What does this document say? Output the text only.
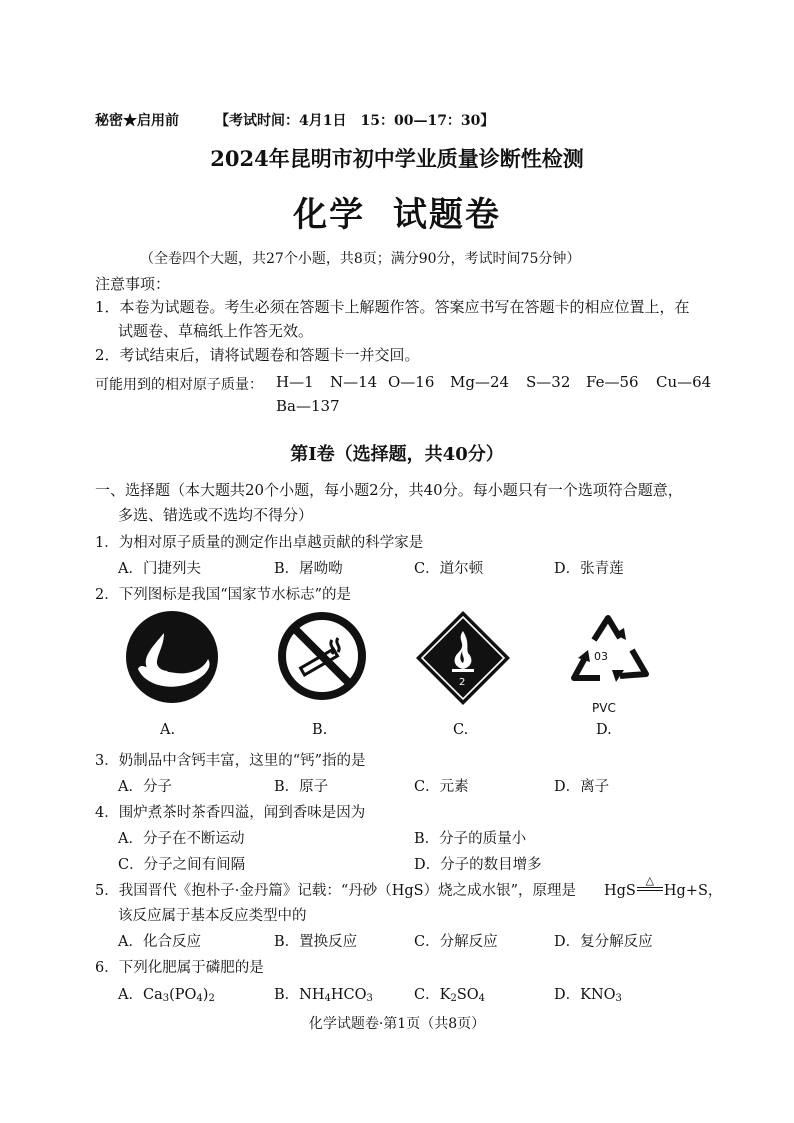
秘密★启用前	【考试时间：4月1日　15：00—17：30】
2024年昆明市初中学业质量诊断性检测
化学  试题卷
（全卷四个大题，共27个小题，共8页；满分90分，考试时间75分钟）
注意事项：
1．本卷为试题卷。考生必须在答题卡上解题作答。答案应书写在答题卡的相应位置上，在
试题卷、草稿纸上作答无效。
2．考试结束后，请将试题卷和答题卡一并交回。
可能用到的相对原子质量： H—1 N—14 O—16 Mg—24 S—32 Fe—56 Cu—64
Ba—137
第Ⅰ卷（选择题，共40分）
一、选择题（本大题共20个小题，每小题2分，共40分。每小题只有一个选项符合题意，
多选、错选或不选均不得分）
1．为相对原子质量的测定作出卓越贡献的科学家是
A．门捷列夫	B．屠呦呦	C．道尔顿	D．张青莲
2．下列图标是我国“国家节水标志”的是
A.	B.
2
C.
03
PVC
D.
3．奶制品中含钙丰富，这里的“钙”指的是
A．分子	B．原子	C．元素	D．离子
4．围炉煮茶时茶香四溢，闻到香味是因为
A．分子在不断运动	B．分子的质量小
C．分子之间有间隔	D．分子的数目增多
5．我国晋代《抱朴子·金丹篇》记载：“丹砂（HgS）烧之成水银”，原理是 HgS
△
Hg+S，
该反应属于基本反应类型中的
A．化合反应	B．置换反应	C．分解反应	D．复分解反应
6．下列化肥属于磷肥的是
A．$Ca_3(PO_4)_2$	B．$NH_4HCO_3$	C．$K_2SO_4$	D．$KNO_3$
化学试题卷·第1页（共8页）
